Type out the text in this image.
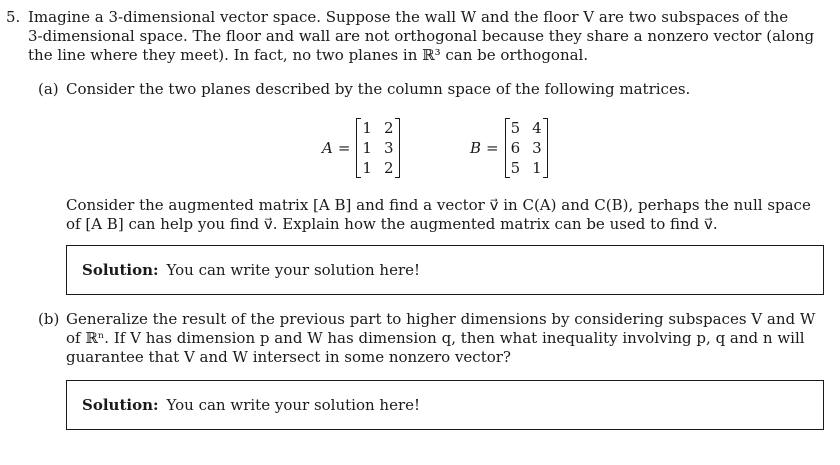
5. Imagine a 3-dimensional vector space. Suppose the wall W and the floor V are two subspaces of the
3-dimensional space. The floor and wall are not orthogonal because they share a nonzero vector (along
the line where they meet). In fact, no two planes in ℝ³ can be orthogonal.
(a) Consider the two planes described by the column space of the following matrices.
A =
1 2
1 3
1 2
B =
5 4
6 3
5 1
Consider the augmented matrix [A B] and find a vector v⃗ in C(A) and C(B), perhaps the null space
of [A B] can help you find v⃗. Explain how the augmented matrix can be used to find v⃗.
Solution: You can write your solution here!
(b) Generalize the result of the previous part to higher dimensions by considering subspaces V and W
of ℝⁿ. If V has dimension p and W has dimension q, then what inequality involving p, q and n will
guarantee that V and W intersect in some nonzero vector?
Solution: You can write your solution here!
